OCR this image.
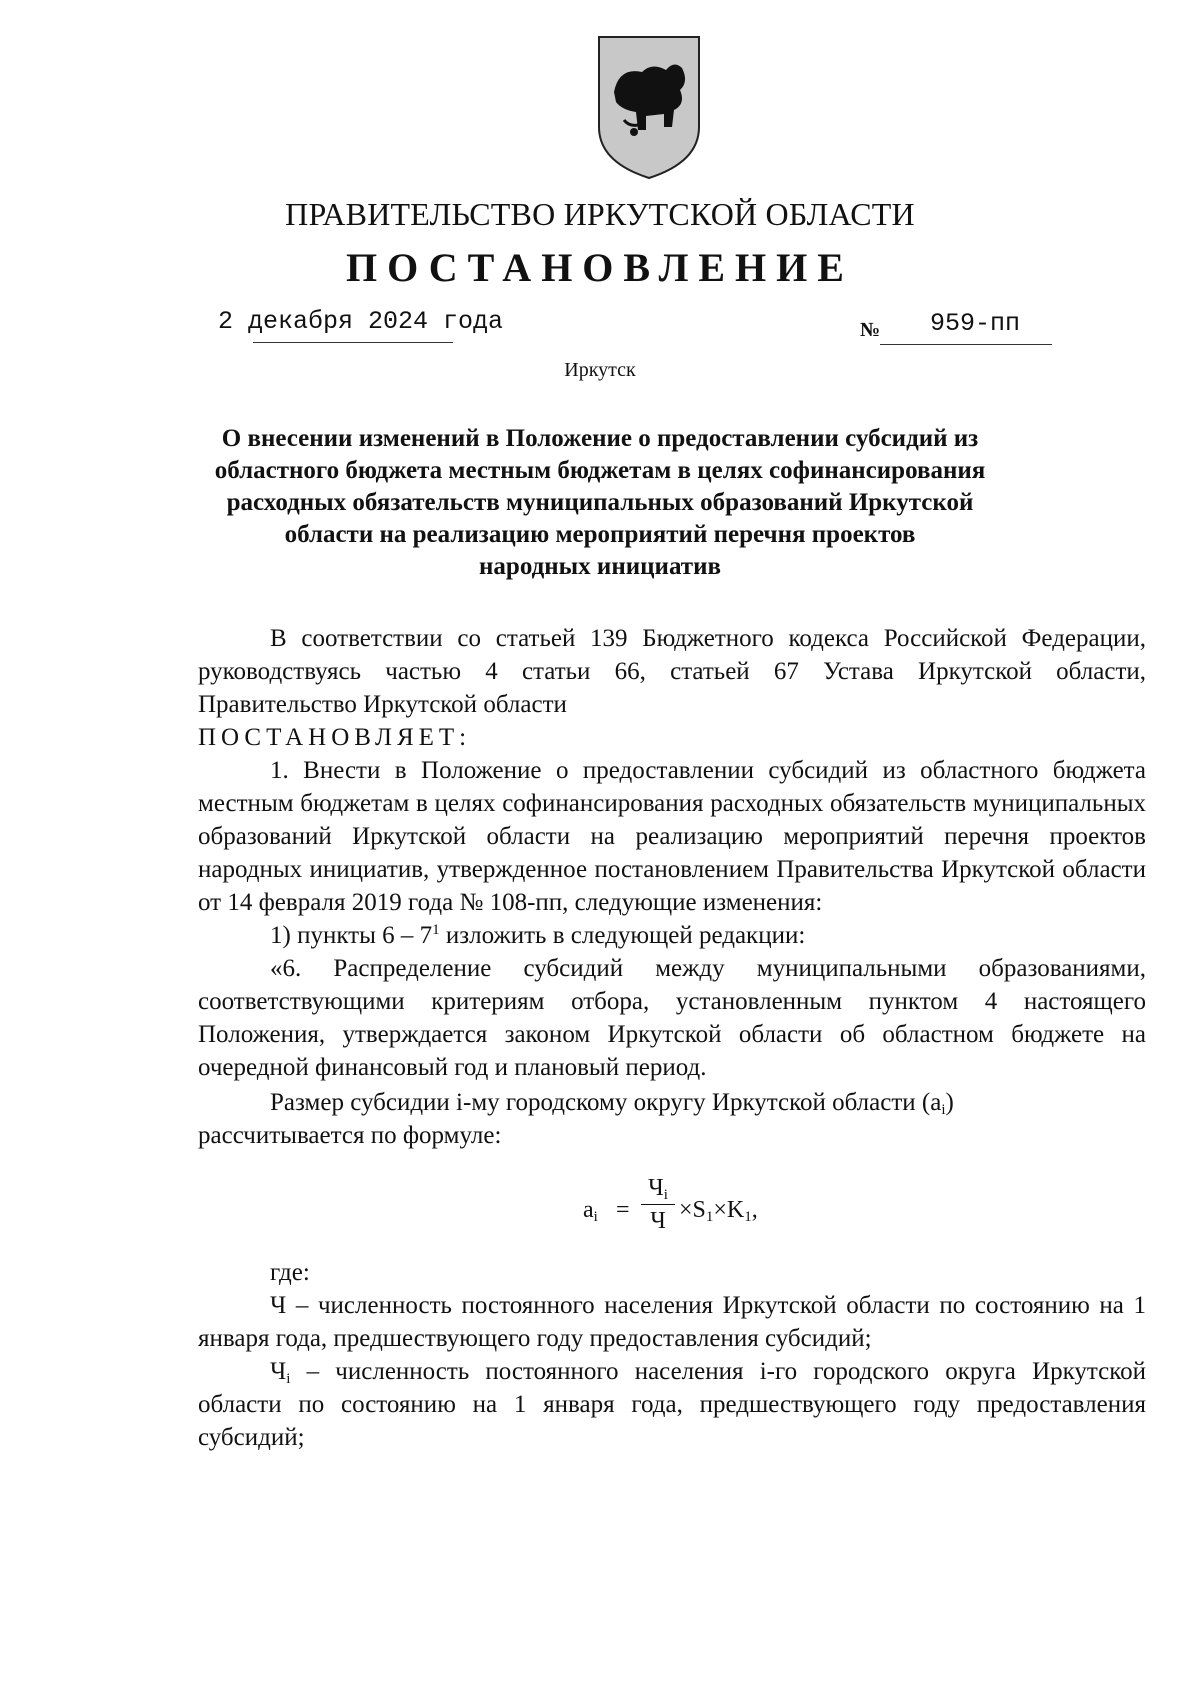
ПРАВИТЕЛЬСТВО ИРКУТСКОЙ ОБЛАСТИ
ПОСТАНОВЛЕНИЕ
2 декабря 2024 года	№ 959-пп
Иркутск
О внесении изменений в Положение о предоставлении субсидий из
областного бюджета местным бюджетам в целях софинансирования
расходных обязательств муниципальных образований Иркутской
области на реализацию мероприятий перечня проектов
народных инициатив

В соответствии со статьей 139 Бюджетного кодекса Российской Федерации, руководствуясь частью 4 статьи 66, статьей 67 Устава Иркутской области, Правительство Иркутской области

ПОСТАНОВЛЯЕТ:

1. Внести в Положение о предоставлении субсидий из областного бюджета местным бюджетам в целях софинансирования расходных обязательств муниципальных образований Иркутской области на реализацию мероприятий перечня проектов народных инициатив, утвержденное постановлением Правительства Иркутской области от 14 февраля 2019 года № 108-пп, следующие изменения:

1) пункты $6 - 7^1$ изложить в следующей редакции:

«6. Распределение субсидий между муниципальными образованиями, соответствующими критериям отбора, установленным пунктом 4 настоящего Положения, утверждается законом Иркутской области об областном бюджете на очередной финансовый год и плановый период.

Размер субсидии i-му городскому округу Иркутской области $(a_i)$

рассчитывается по формуле:

$a_i$ =
$Ч_i$
$Ч \times S_1\times K_1$,

где:

Ч – численность постоянного населения Иркутской области по состоянию на 1 января года, предшествующего году предоставления субсидий;

$Ч_i$ – численность постоянного населения i-го городского округа Иркутской области по состоянию на 1 января года, предшествующего году предоставления субсидий;
